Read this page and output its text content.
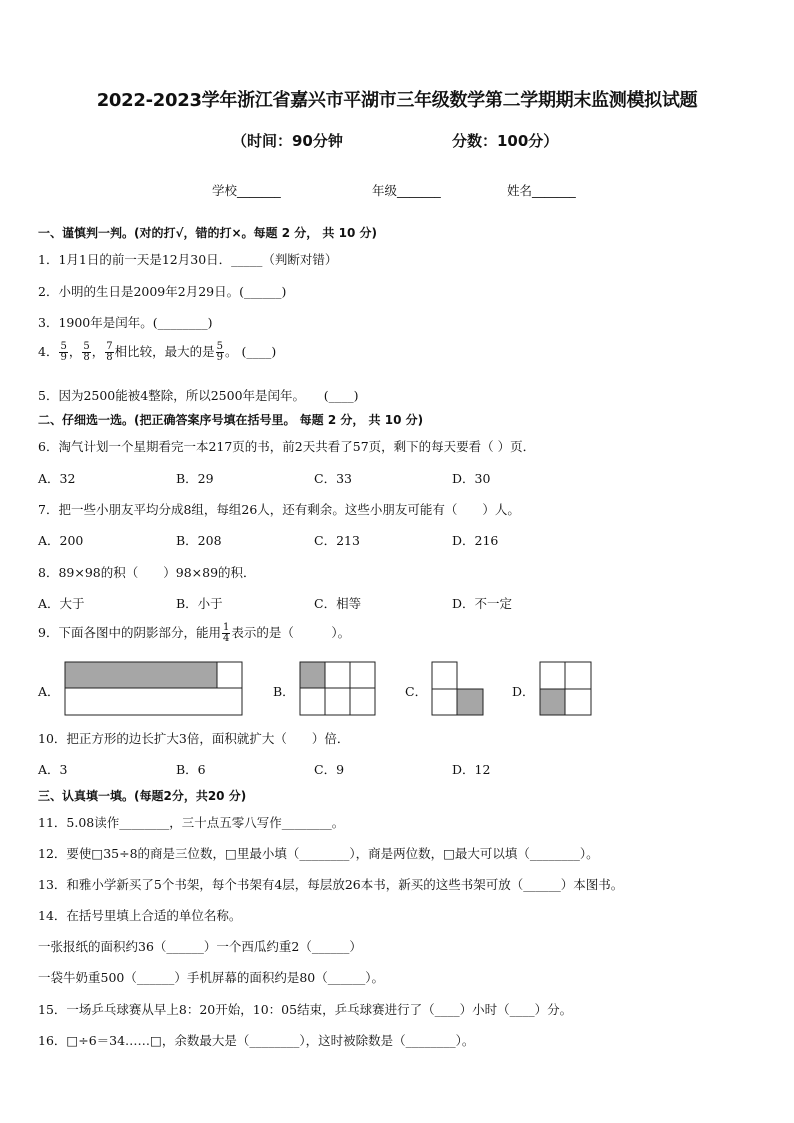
2022-2023学年浙江省嘉兴市平湖市三年级数学第二学期期末监测模拟试题
（时间：90分钟	分数：100分）
学校_______	年级_______	姓名_______
一、谨慎判一判。(对的打√，错的打×。每题 2 分， 共 10 分)
1．1月1日的前一天是12月30日．_____（判断对错）
2．小明的生日是2009年2月29日。(______)
3．1900年是闰年。(________)
4． $\frac{5}{9}$ ， $\frac{5}{8}$ ， $\frac{7}{8}$ 相比较，最大的是 $\frac{5}{9}$ 。 (____)
5．因为2500能被4整除，所以2500年是闰年。　　(____)
二、仔细选一选。(把正确答案序号填在括号里。 每题 2 分， 共 10 分)
6．淘气计划一个星期看完一本217页的书，前2天共看了57页，剩下的每天要看（ ）页．
A．32	B．29	C．33	D．30
7．把一些小朋友平均分成8组，每组26人，还有剩余。这些小朋友可能有（　　）人。
A．200	B．208	C．213	D．216
8．89×98的积（　　）98×89的积．
A．大于	B．小于	C．相等	D．不一定
9．下面各图中的阴影部分，能用 $\frac{1}{4}$ 表示的是（　　　）。
A．	B．	C．	D．
10．把正方形的边长扩大3倍，面积就扩大（　　）倍．
A．3	B．6	C．9	D．12
三、认真填一填。(每题2分，共20 分)
11．5.08读作________，三十点五零八写作________。
12．要使□35÷8的商是三位数，□里最小填（________），商是两位数，□最大可以填（________）。
13．和雅小学新买了5个书架，每个书架有4层，每层放26本书，新买的这些书架可放（______）本图书。
14．在括号里填上合适的单位名称。
一张报纸的面积约36（______）一个西瓜约重2（______）
一袋牛奶重500（______）手机屏幕的面积约是80（______）。
15．一场乒乓球赛从早上8：20开始，10：05结束，乒乓球赛进行了（____）小时（____）分。
16．□÷6＝34……□，余数最大是（________），这时被除数是（________）。
